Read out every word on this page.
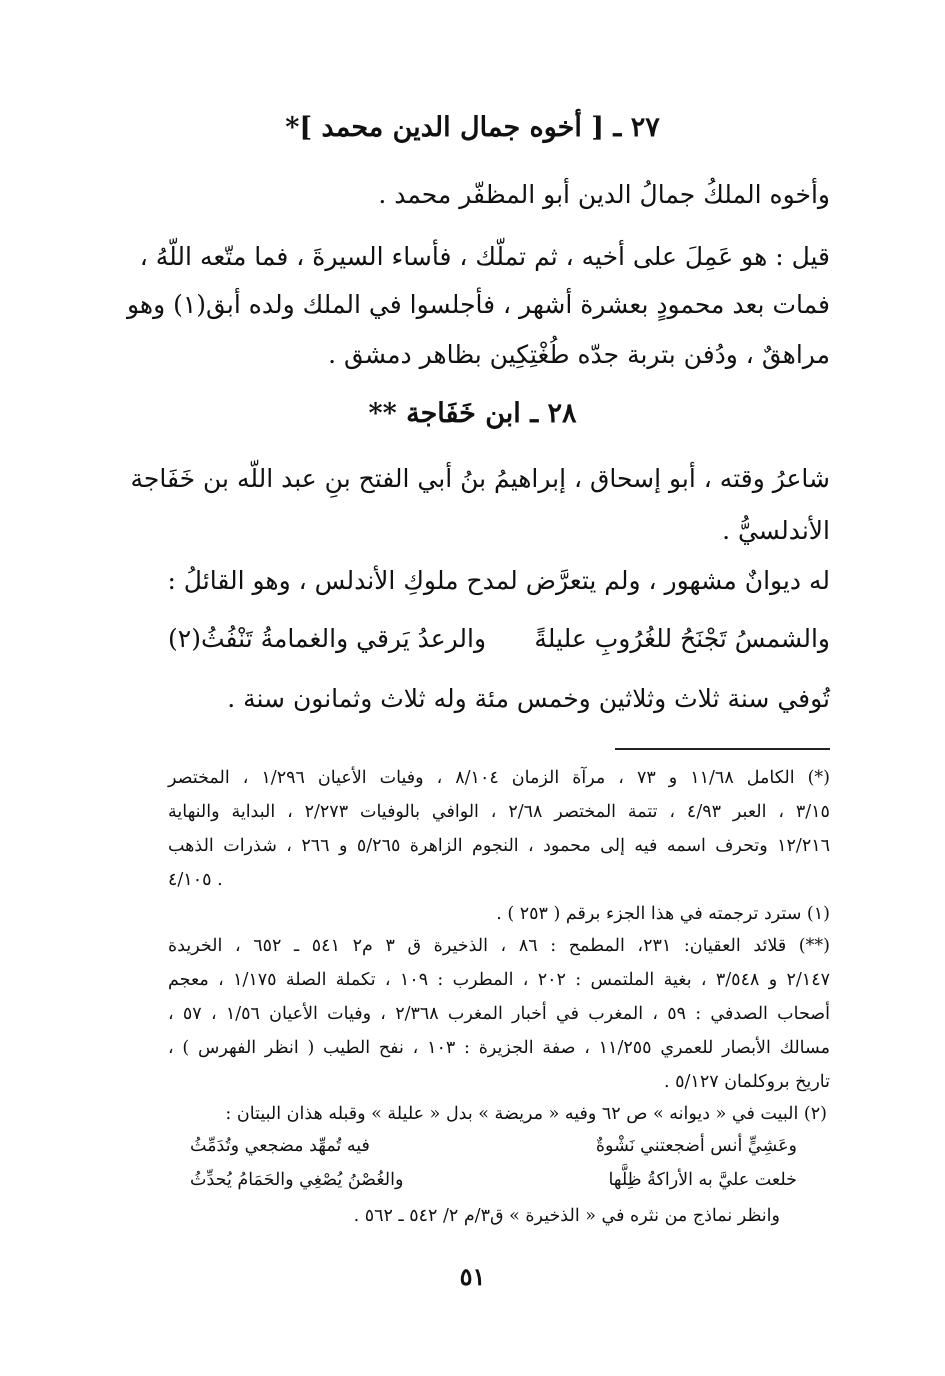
٢٧ ـ [ أخوه جمال الدين محمد ]*
وأخوه الملكُ جمالُ الدين أبو المظفّر محمد .
قيل : هو عَمِلَ على أخيه ، ثم تملّك ، فأساء السيرةَ ، فما متّعه اللّهُ ،
فمات بعد محمودٍ بعشرة أشهر ، فأجلسوا في الملك ولده أبق(١) وهو
مراهقٌ ، ودُفن بتربة جدّه طُغْتِكِين بظاهر دمشق .
٢٨ ـ ابن خَفَاجة **
شاعرُ وقته ، أبو إسحاق ، إبراهيمُ بنُ أبي الفتح بنِ عبد اللّه بن خَفَاجة
الأندلسيُّ .
له ديوانٌ مشهور ، ولم يتعرَّض لمدح ملوكِ الأندلس ، وهو القائلُ :
والشمسُ تَجْنَحُ للغُرُوبِ عليلةً
والرعدُ يَرقي والغمامةُ تَنْفُثُ(٢)
تُوفي سنة ثلاث وثلاثين وخمس مئة وله ثلاث وثمانون سنة .
(*) الكامل ١١/٦٨ و ٧٣ ، مرآة الزمان ٨/١٠٤ ، وفيات الأعيان ١/٢٩٦ ، المختصر
٣/١٥ ، العبر ٤/٩٣ ، تتمة المختصر ٢/٦٨ ، الوافي بالوفيات ٢/٢٧٣ ، البداية والنهاية
١٢/٢١٦ وتحرف اسمه فيه إلى محمود ، النجوم الزاهرة ٥/٢٦٥ و ٢٦٦ ، شذرات الذهب
٤/١٠٥ .
(١) سترد ترجمته في هذا الجزء برقم ( ٢٥٣ ) .
(**) قلائد العقيان: ٢٣١، المطمح : ٨٦ ، الذخيرة ق ٣ م٢ ٥٤١ ـ ٦٥٢ ، الخريدة
٢/١٤٧ و ٣/٥٤٨ ، بغية الملتمس : ٢٠٢ ، المطرب : ١٠٩ ، تكملة الصلة ١/١٧٥ ، معجم
أصحاب الصدفي : ٥٩ ، المغرب في أخبار المغرب ٢/٣٦٨ ، وفيات الأعيان ١/٥٦ ، ٥٧ ،
مسالك الأبصار للعمري ١١/٢٥٥ ، صفة الجزيرة : ١٠٣ ، نفح الطيب ( انظر الفهرس ) ،
تاريخ بروكلمان ٥/١٢٧ .
(٢) البيت في « ديوانه » ص ٦٢ وفيه « مريضة » بدل « عليلة » وقبله هذان البيتان :
وعَشِيٍّ أنس أضجعتني نَشْوةٌ
فيه تُمهِّد مضجعي وتُدَمِّثُ
خلعت عليَّ به الأراكةُ ظِلَّها
والغُصْنُ يُصْغِي والحَمَامُ يُحدِّثُ
وانظر نماذج من نثره في « الذخيرة » ق٣/م ٢/ ٥٤٢ ـ ٥٦٢ .
٥١
